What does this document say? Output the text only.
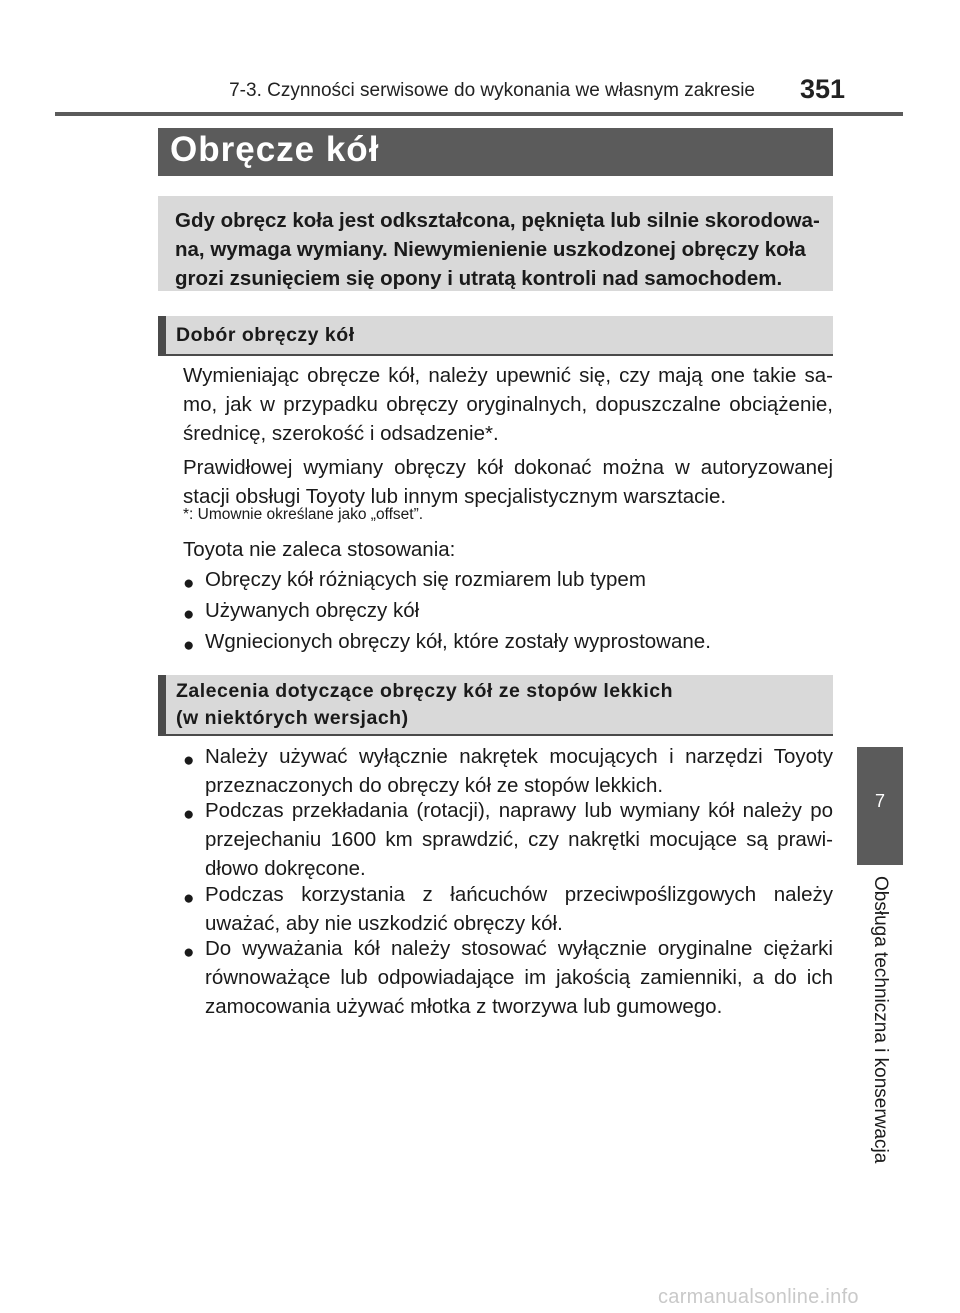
7-3. Czynności serwisowe do wykonania we własnym zakresie 351
Obręcze kół

Gdy obręcz koła jest odkształcona, pęknięta lub silnie skorodowa-na, wymaga wymiany. Niewymienienie uszkodzonej obręczy koła grozi zsunięciem się opony i utratą kontroli nad samochodem.

Dobór obręczy kół

Wymieniając obręcze kół, należy upewnić się, czy mają one takie sa-mo, jak w przypadku obręczy oryginalnych, dopuszczalne obciążenie, średnicę, szerokość i odsadzenie*.

Prawidłowej wymiany obręczy kół dokonać można w autoryzowanej stacji obsługi Toyoty lub innym specjalistycznym warsztacie.

*: Umownie określane jako „offset”.

Toyota nie zaleca stosowania:

● Obręczy kół różniących się rozmiarem lub typem
● Używanych obręczy kół
● Wgniecionych obręczy kół, które zostały wyprostowane.
Zalecenia dotyczące obręczy kół ze stopów lekkich
(w niektórych wersjach)
● Należy używać wyłącznie nakrętek mocujących i narzędzi Toyoty przeznaczonych do obręczy kół ze stopów lekkich.
● Podczas przekładania (rotacji), naprawy lub wymiany kół należy po przejechaniu 1600 km sprawdzić, czy nakrętki mocujące są prawi-dłowo dokręcone.
● Podczas korzystania z łańcuchów przeciwpoślizgowych należy uważać, aby nie uszkodzić obręczy kół.
● Do wyważania kół należy stosować wyłącznie oryginalne ciężarki równoważące lub odpowiadające im jakością zamienniki, a do ich zamocowania używać młotka z tworzywa lub gumowego.
7
Obsługa techniczna i konserwacja
carmanualsonline.info
